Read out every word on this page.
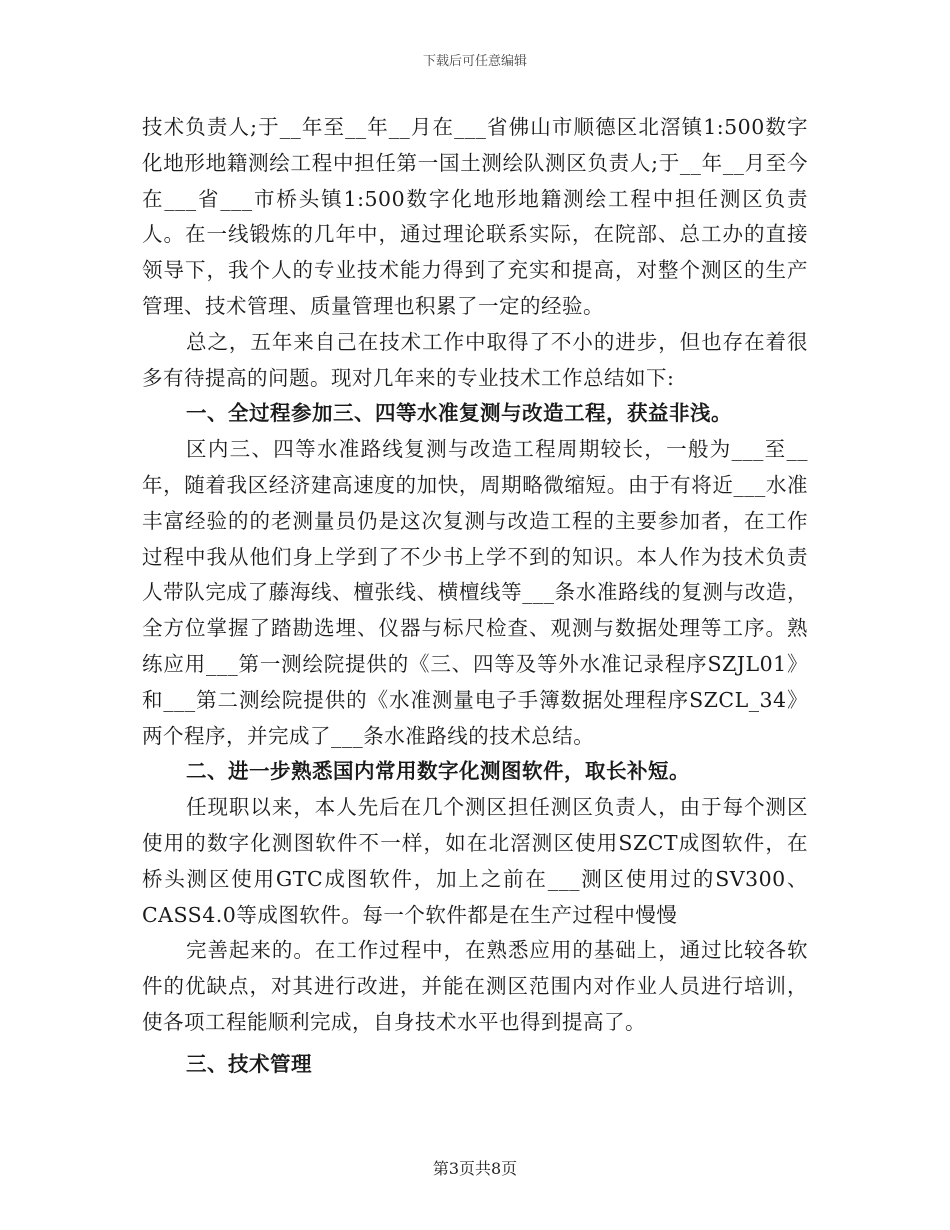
下载后可任意编辑

技术负责人;于__年至__年__月在___省佛山市顺德区北滘镇1:500数字化地形地籍测绘工程中担任第一国土测绘队测区负责人;于__年__月至今在___省___市桥头镇1:500数字化地形地籍测绘工程中担任测区负责人。在一线锻炼的几年中，通过理论联系实际，在院部、总工办的直接领导下，我个人的专业技术能力得到了充实和提高，对整个测区的生产管理、技术管理、质量管理也积累了一定的经验。

总之，五年来自己在技术工作中取得了不小的进步，但也存在着很多有待提高的问题。现对几年来的专业技术工作总结如下:

一、全过程参加三、四等水准复测与改造工程，获益非浅。

区内三、四等水准路线复测与改造工程周期较长，一般为___至__年，随着我区经济建高速度的加快，周期略微缩短。由于有将近___水准丰富经验的的老测量员仍是这次复测与改造工程的主要参加者，在工作过程中我从他们身上学到了不少书上学不到的知识。本人作为技术负责人带队完成了藤海线、檀张线、横檀线等___条水准路线的复测与改造，全方位掌握了踏勘选埋、仪器与标尺检查、观测与数据处理等工序。熟练应用___第一测绘院提供的《三、四等及等外水准记录程序SZJL01》和___第二测绘院提供的《水准测量电子手簿数据处理程序SZCL_34》两个程序，并完成了___条水准路线的技术总结。

二、进一步熟悉国内常用数字化测图软件，取长补短。

任现职以来，本人先后在几个测区担任测区负责人，由于每个测区使用的数字化测图软件不一样，如在北滘测区使用SZCT成图软件，在桥头测区使用GTC成图软件，加上之前在___测区使用过的SV300、CASS4.0等成图软件。每一个软件都是在生产过程中慢慢

完善起来的。在工作过程中，在熟悉应用的基础上，通过比较各软件的优缺点，对其进行改进，并能在测区范围内对作业人员进行培训，使各项工程能顺利完成，自身技术水平也得到提高了。

三、技术管理

第3页共8页
